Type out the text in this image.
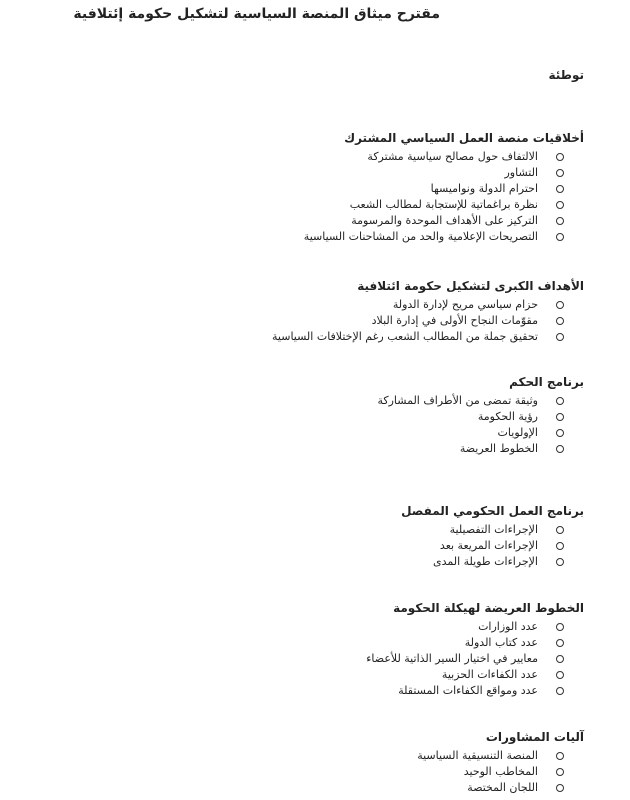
مقترح ميثاق المنصة السياسية لتشكيل حكومة إئتلافية
توطئة
أخلاقيات منصة العمل السياسي المشترك
الالتفاف حول مصالح سياسية مشتركة
التشاور
احترام الدولة ونواميسها
نظرة براغماتية للإستجابة لمطالب الشعب
التركيز على الأهداف الموحدة والمرسومة
التصريحات الإعلامية والحد من المشاحنات السياسية
الأهداف الكبرى لتشكيل حكومة ائتلافية
حزام سياسي مريح لإدارة الدولة
مقوّمات النجاح الأولى في إدارة البلاد
تحقيق جملة من المطالب الشعب رغم الإختلافات السياسية
برنامج الحكم
وثيقة تمضى من الأطراف المشاركة
رؤية الحكومة
الإولويات
الخطوط العريضة
برنامج العمل الحكومي المفصل
الإجراءات التفصيلية
الإجراءات المريعة بعد
الإجراءات طويلة المدى
الخطوط العريضة لهيكلة الحكومة
عدد الوزارات
عدد كتاب الدولة
معايير في اختيار السير الذاتية للأعضاء
عدد الكفاءات الحزبية
عدد ومواقع الكفاءات المستقلة
آليات المشاورات
المنصة التنسيقية السياسية
المخاطب الوحيد
اللجان المختصة
